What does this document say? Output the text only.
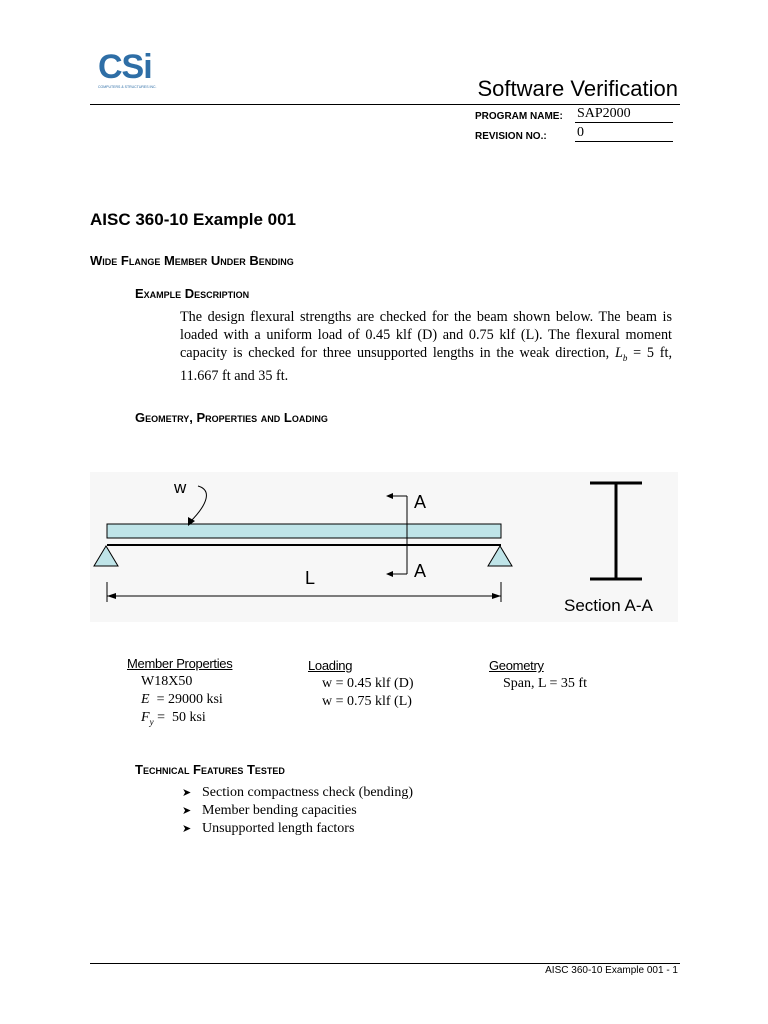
CSi
COMPUTERS & STRUCTURES INC.	Software Verification
PROGRAM NAME: SAP2000
REVISION NO.: 0
AISC 360-10 Example 001
Wide Flange Member Under Bending
Example Description
The design flexural strengths are checked for the beam shown below. The beam is loaded with a uniform load of 0.45 klf (D) and 0.75 klf (L). The flexural moment capacity is checked for three unsupported lengths in the weak direction, $L_b = 5$ ft, 11.667 ft and 35 ft.
Geometry, Properties and Loading
w
A
A
L
Section A-A
Member Properties
W18X50
E  = 29000 ksi
$F_y = 50$ ksi
Loading
w = 0.45 klf (D)
w = 0.75 klf (L)
Geometry
Span, L = 35 ft
Technical Features Tested
➤ Section compactness check (bending)
➤ Member bending capacities
➤ Unsupported length factors
AISC 360-10 Example 001 - 1
